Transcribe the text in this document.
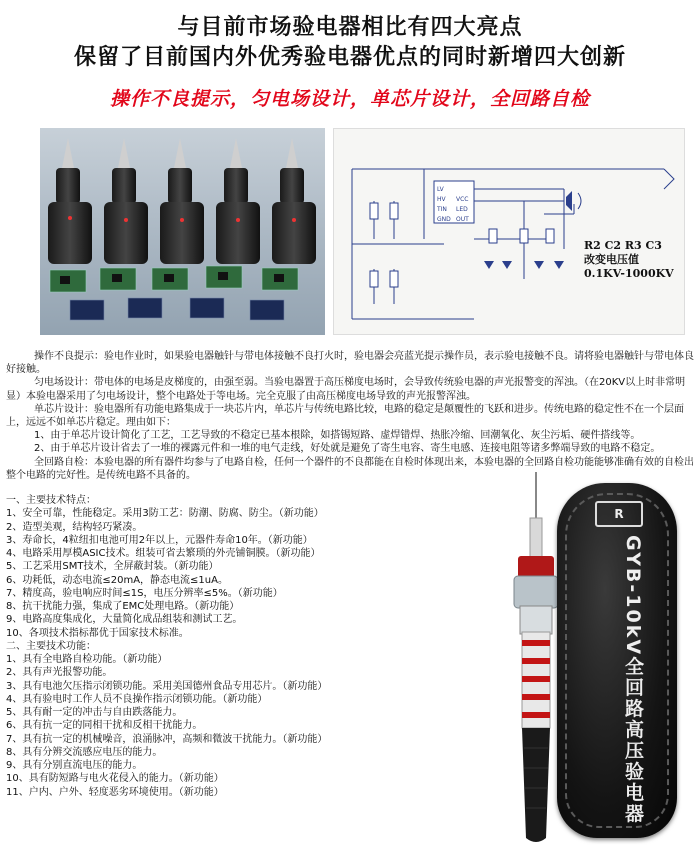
与目前市场验电器相比有四大亮点
保留了目前国内外优秀验电器优点的同时新增四大创新
操作不良提示，匀电场设计，单芯片设计，全回路自检
LV
HV
TIN
GND
VCC
LED
OUT
R2 C2 R3 C3
改变电压值
0.1KV-1000KV

操作不良提示：验电作业时，如果验电器触针与带电体接触不良打火时，验电器会亮蓝光提示操作员，表示验电接触不良。请将验电器触针与带电体良好接触。

匀电场设计：带电体的电场是皮梯度的，由强至弱。当验电器置于高压梯度电场时，会导致传统验电器的声光报警变的浑浊。（在20KV以上时非常明显）本验电器采用了匀电场设计，整个电路处于等电场。完全克服了由高压梯度电场导致的声光报警浑浊。

单芯片设计：验电器所有功能电路集成于一块芯片内，单芯片与传统电路比较，电路的稳定是颠覆性的飞跃和进步。传统电路的稳定性不在一个层面上，远远不如单芯片稳定。理由如下：

1、由于单芯片设计简化了工艺，工艺导致的不稳定已基本根除，如搭锡短路、虚焊错焊、热胀冷缩、回潮氧化、灰尘污垢、硬件搭线等。

2、由于单芯片设计省去了一堆的裸露元件和一堆的电气走线，好处就是避免了寄生电容、寄生电感、连接电阻等诸多弊端导致的电路不稳定。

全回路自检：本验电器的所有器件均参与了电路自检，任何一个器件的不良都能在自检时体现出来，本验电器的全回路自检功能能够准确有效的自检出整个电路的完好性。是传统电路不具备的。

一、主要技术特点：
1、安全可靠，性能稳定。采用3防工艺：防潮、防腐、防尘。（新功能）
2、造型美观，结构轻巧紧凑。
3、寿命长，4粒纽扣电池可用2年以上，元器件寿命10年。（新功能）
4、电路采用厚模ASIC技术。组装可省去繁琐的外壳铺铜膜。（新功能）
5、工艺采用SMT技术，全屏蔽封装。（新功能）
6、功耗低，动态电流≤20mA，静态电流≤1uA。
7、精度高，验电响应时间≤1S，电压分辨率≤5%。（新功能）
8、抗干扰能力强，集成了EMC处理电路。（新功能）
9、电路高度集成化，大量简化成品组装和测试工艺。
10、各项技术指标都优于国家技术标准。
二、主要技术功能：
1、具有全电路自检功能。（新功能）
2、具有声光报警功能。
3、具有电池欠压指示闭锁功能。采用美国德州食品专用芯片。（新功能）
4、具有验电时工作人员不良操作指示闭锁功能。（新功能）
5、具有耐一定的冲击与自由跌落能力。
6、具有抗一定的同相干扰和反相干扰能力。
7、具有抗一定的机械噪音，浪涌脉冲，高频和微波干扰能力。（新功能）
8、具有分辨交流感应电压的能力。
9、具有分别直流电压的能力。
10、具有防短路与电火花侵入的能力。（新功能）
11、户内、户外、轻度恶劣环境使用。（新功能）
R
GYB-10kV全回路高压验电器
